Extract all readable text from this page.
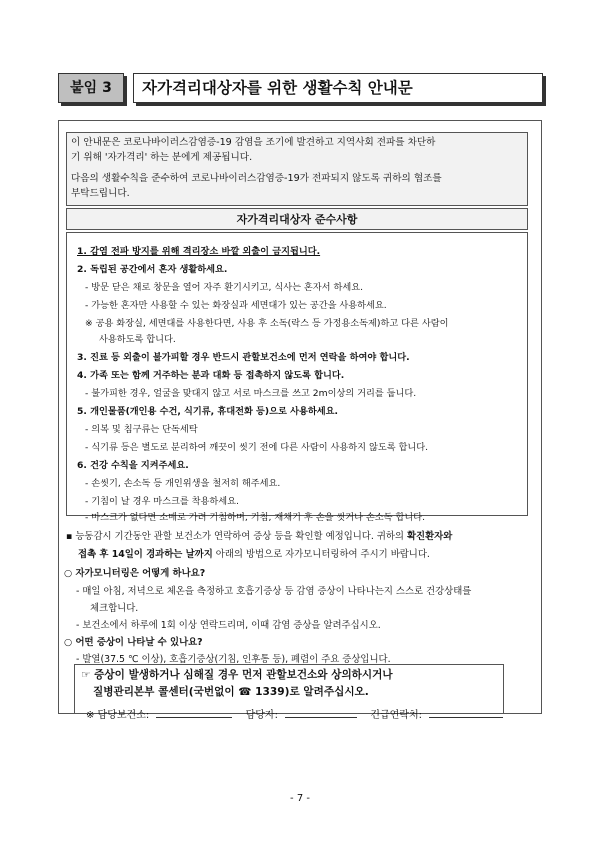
붙임 3	자가격리대상자를 위한 생활수칙 안내문

이 안내문은 코로나바이러스감염증-19 감염을 조기에 발견하고 지역사회 전파를 차단하

기 위해 '자가격리' 하는 분에게 제공됩니다.

다음의 생활수칙을 준수하여 코로나바이러스감염증-19가 전파되지 않도록 귀하의 협조를

부탁드립니다.

자가격리대상자 준수사항
1. 감염 전파 방지를 위해 격리장소 바깥 외출이 금지됩니다.
2. 독립된 공간에서 혼자 생활하세요.
- 방문 닫은 채로 창문을 열어 자주 환기시키고, 식사는 혼자서 하세요.
- 가능한 혼자만 사용할 수 있는 화장실과 세면대가 있는 공간을 사용하세요.
※ 공용 화장실, 세면대를 사용한다면, 사용 후 소독(락스 등 가정용소독제)하고 다른 사람이
사용하도록 합니다.
3. 진료 등 외출이 불가피할 경우 반드시 관할보건소에 먼저 연락을 하여야 합니다.
4. 가족 또는 함께 거주하는 분과 대화 등 접촉하지 않도록 합니다.
- 불가피한 경우, 얼굴을 맞대지 않고 서로 마스크를 쓰고 2m이상의 거리를 둡니다.
5. 개인물품(개인용 수건, 식기류, 휴대전화 등)으로 사용하세요.
- 의복 및 침구류는 단독세탁
- 식기류 등은 별도로 분리하여 깨끗이 씻기 전에 다른 사람이 사용하지 않도록 합니다.
6. 건강 수칙을 지켜주세요.
- 손씻기, 손소독 등 개인위생을 철저히 해주세요.
- 기침이 날 경우 마스크를 착용하세요.
- 마스크가 없다면 소매로 가려 기침하며, 기침, 재채기 후 손을 씻거나 손소독 합니다.
▪ 능동감시 기간동안 관할 보건소가 연락하여 증상 등을 확인할 예정입니다. 귀하의 확진환자와
접촉 후 14일이 경과하는 날까지 아래의 방법으로 자가모니터링하여 주시기 바랍니다.
○ 자가모니터링은 어떻게 하나요?
- 매일 아침, 저녁으로 체온을 측정하고 호흡기증상 등 감염 증상이 나타나는지 스스로 건강상태를
체크합니다.
- 보건소에서 하루에 1회 이상 연락드리며, 이때 감염 증상을 알려주십시오.
○ 어떤 증상이 나타날 수 있나요?
- 발열(37.5 ℃ 이상), 호흡기증상(기침, 인후통 등), 폐렴이 주요 증상입니다.
☞ 증상이 발생하거나 심해질 경우 먼저 관할보건소와 상의하시거나
질병관리본부 콜센터(국번없이 ☎ 1339)로 알려주십시오.
※ 담당보건소:	담당자:	긴급연락처:
- 7 -
